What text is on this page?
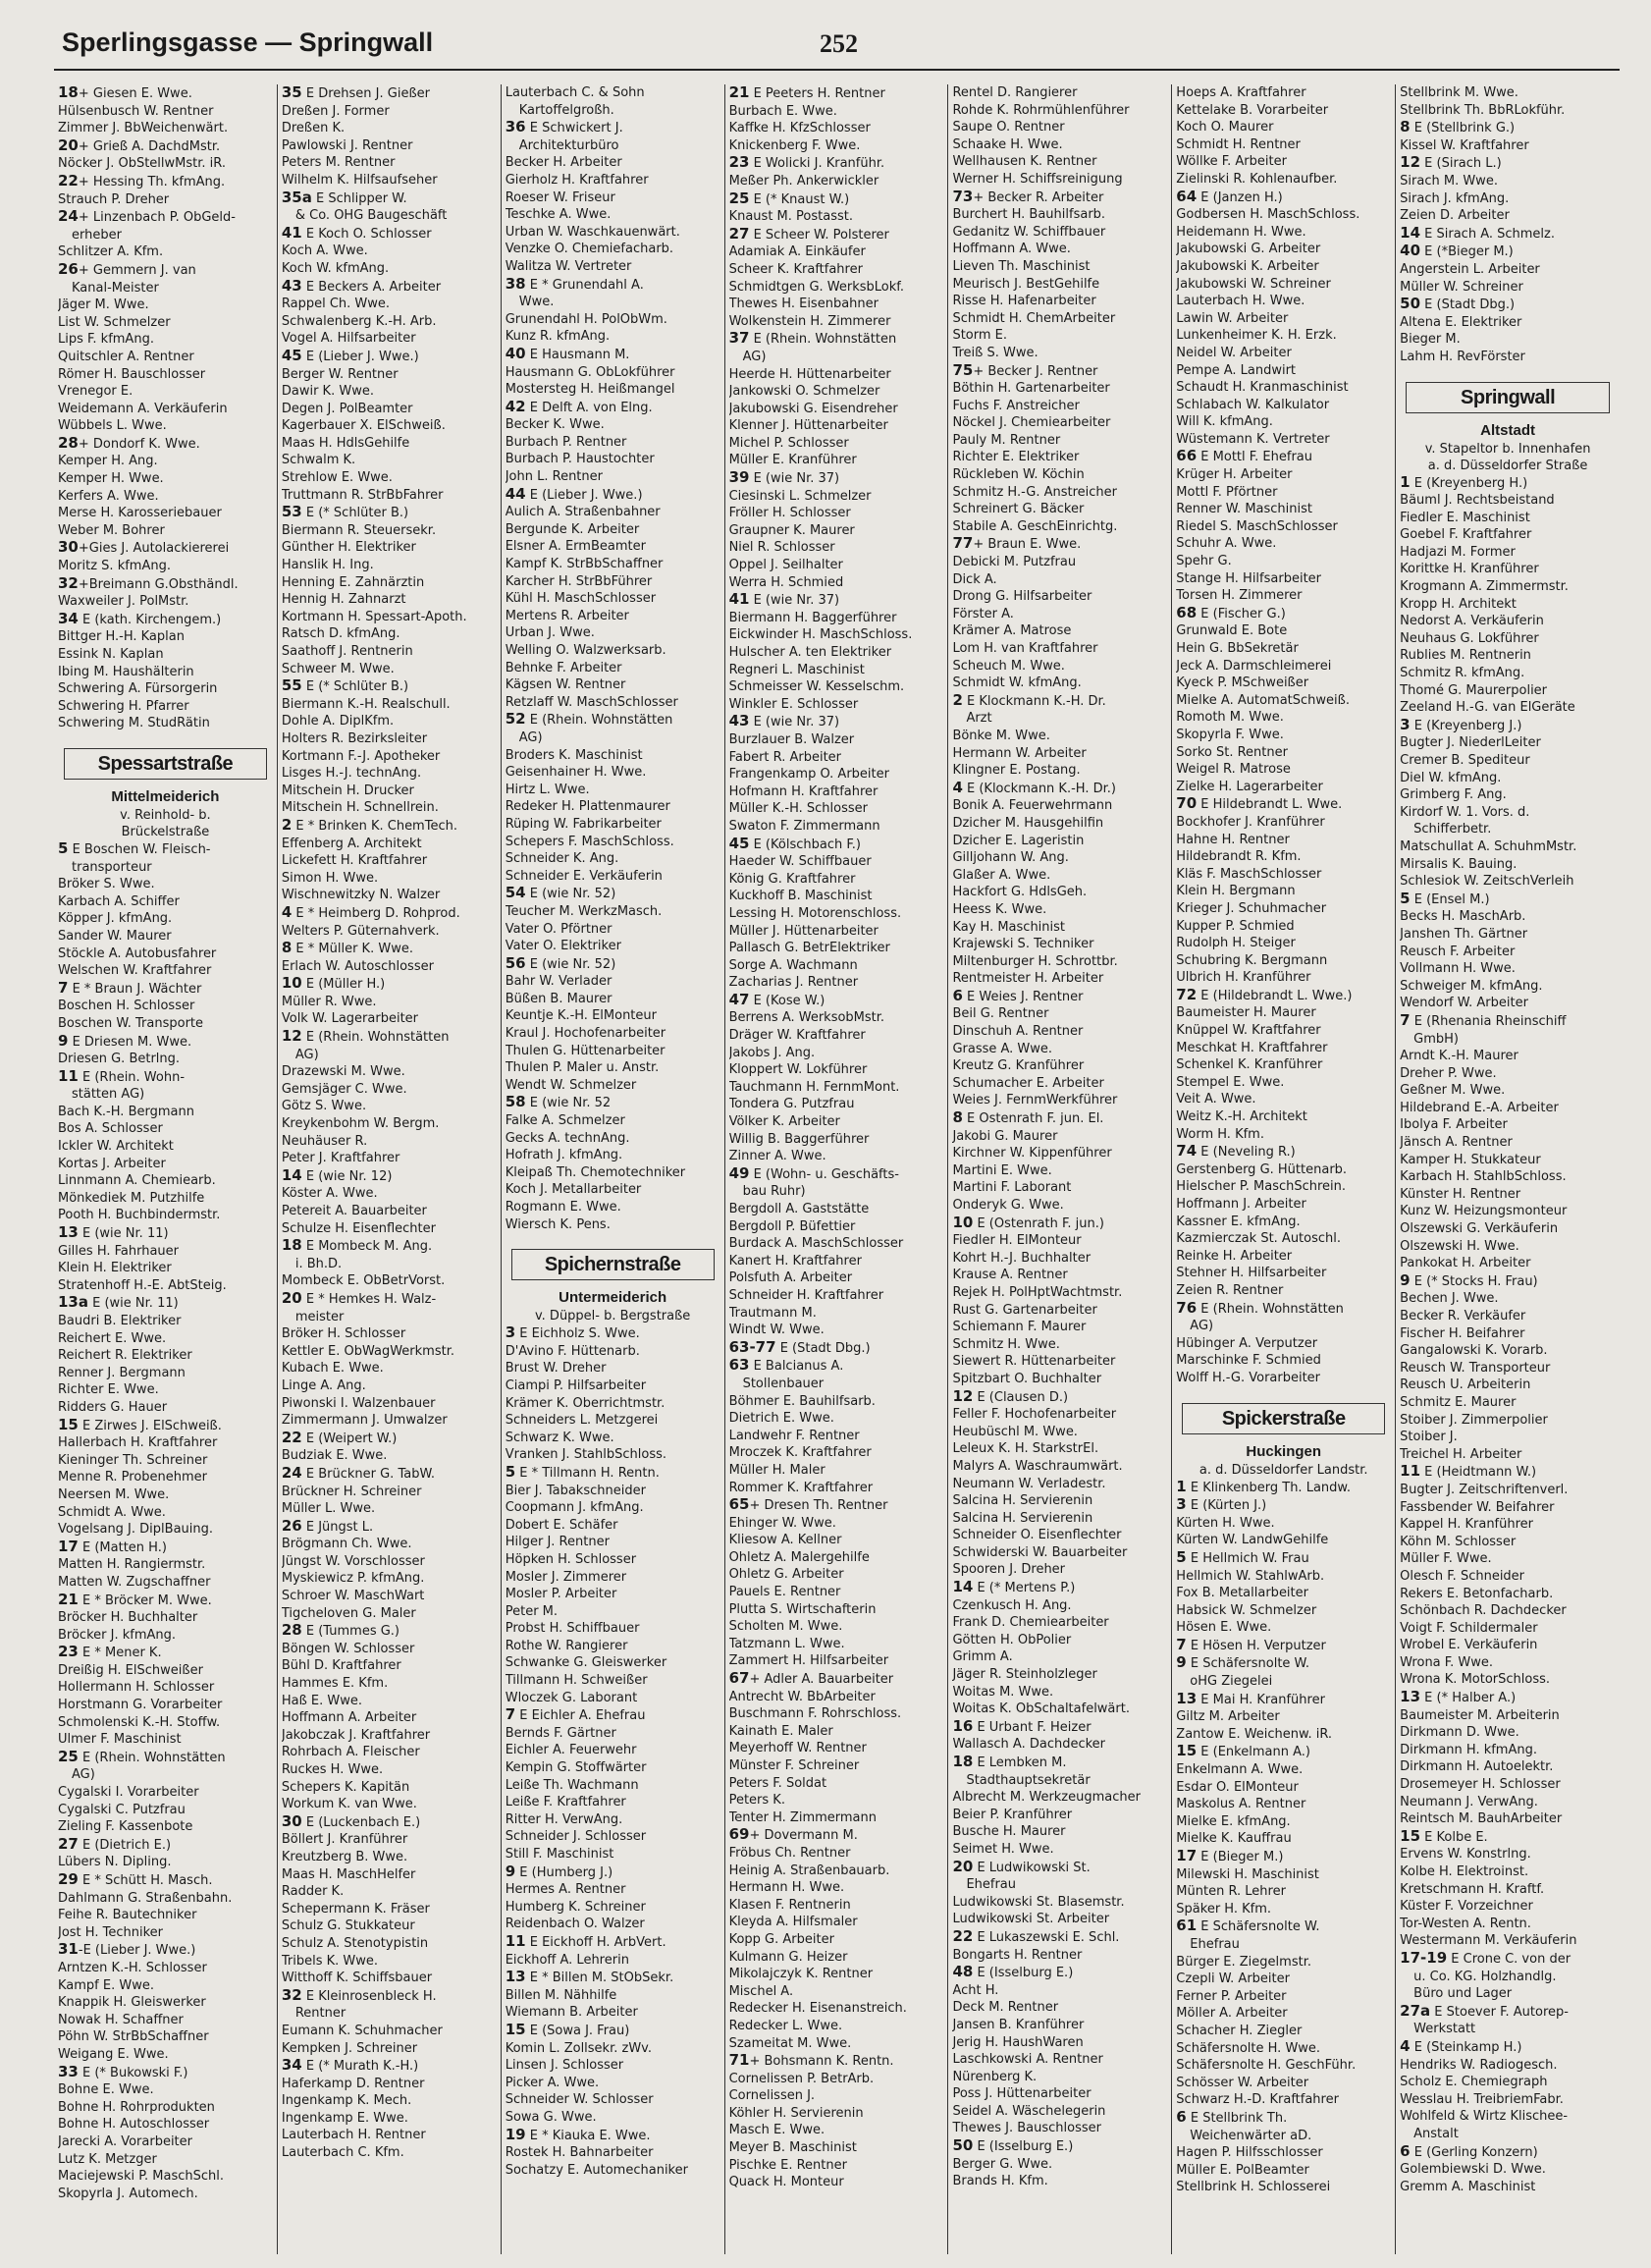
Sperlingsgasse — Springwall	252
18+ Giesen E. Wwe.
Hülsenbusch W. Rentner
Zimmer J. BbWeichenwärt.
20+ Grieß A. DachdMstr.
Nöcker J. ObStellwMstr. iR.
22+ Hessing Th. kfmAng.
Strauch P. Dreher
24+ Linzenbach P. ObGeld-
erheber
Schlitzer A. Kfm.
26+ Gemmern J. van
Kanal-Meister
Jäger M. Wwe.
List W. Schmelzer
Lips F. kfmAng.
Quitschler A. Rentner
Römer H. Bauschlosser
Vrenegor E.
Weidemann A. Verkäuferin
Wübbels L. Wwe.
28+ Dondorf K. Wwe.
Kemper H. Ang.
Kemper H. Wwe.
Kerfers A. Wwe.
Merse H. Karosseriebauer
Weber M. Bohrer
30+Gies J. Autolackiererei
Moritz S. kfmAng.
32+Breimann G.Obsthändl.
Waxweiler J. PolMstr.
34 E (kath. Kirchengem.)
Bittger H.-H. Kaplan
Essink N. Kaplan
Ibing M. Haushälterin
Schwering A. Fürsorgerin
Schwering H. Pfarrer
Schwering M. StudRätin
Spessartstraße
Mittelmeiderich
v. Reinhold- b.
Brückelstraße
5 E Boschen W. Fleisch-
transporteur
Bröker S. Wwe.
Karbach A. Schiffer
Köpper J. kfmAng.
Sander W. Maurer
Stöckle A. Autobusfahrer
Welschen W. Kraftfahrer
7 E * Braun J. Wächter
Boschen H. Schlosser
Boschen W. Transporte
9 E Driesen M. Wwe.
Driesen G. Betrlng.
11 E (Rhein. Wohn-
stätten AG)
Bach K.-H. Bergmann
Bos A. Schlosser
Ickler W. Architekt
Kortas J. Arbeiter
Linnmann A. Chemiearb.
Mönkediek M. Putzhilfe
Pooth H. Buchbindermstr.
13 E (wie Nr. 11)
Gilles H. Fahrhauer
Klein H. Elektriker
Stratenhoff H.-E. AbtSteig.
13a E (wie Nr. 11)
Baudri B. Elektriker
Reichert E. Wwe.
Reichert R. Elektriker
Renner J. Bergmann
Richter E. Wwe.
Ridders G. Hauer
15 E Zirwes J. ElSchweiß.
Hallerbach H. Kraftfahrer
Kieninger Th. Schreiner
Menne R. Probenehmer
Neersen M. Wwe.
Schmidt A. Wwe.
Vogelsang J. DiplBauing.
17 E (Matten H.)
Matten H. Rangiermstr.
Matten W. Zugschaffner
21 E * Bröcker M. Wwe.
Bröcker H. Buchhalter
Bröcker J. kfmAng.
23 E * Mener K.
Dreißig H. ElSchweißer
Hollermann H. Schlosser
Horstmann G. Vorarbeiter
Schmolenski K.-H. Stoffw.
Ulmer F. Maschinist
25 E (Rhein. Wohnstätten
AG)
Cygalski I. Vorarbeiter
Cygalski C. Putzfrau
Zieling F. Kassenbote
27 E (Dietrich E.)
Lübers N. Dipling.
29 E * Schütt H. Masch.
Dahlmann G. Straßenbahn.
Feihe R. Bautechniker
Jost H. Techniker
31-E (Lieber J. Wwe.)
Arntzen K.-H. Schlosser
Kampf E. Wwe.
Knappik H. Gleiswerker
Nowak H. Schaffner
Pöhn W. StrBbSchaffner
Weigang E. Wwe.
33 E (* Bukowski F.)
Bohne E. Wwe.
Bohne H. Rohrprodukten
Bohne H. Autoschlosser
Jarecki A. Vorarbeiter
Lutz K. Metzger
Maciejewski P. MaschSchl.
Skopyrla J. Automech.
35 E Drehsen J. Gießer
Dreßen J. Former
Dreßen K.
Pawlowski J. Rentner
Peters M. Rentner
Wilhelm K. Hilfsaufseher
35a E Schlipper W.
& Co. OHG Baugeschäft
41 E Koch O. Schlosser
Koch A. Wwe.
Koch W. kfmAng.
43 E Beckers A. Arbeiter
Rappel Ch. Wwe.
Schwalenberg K.-H. Arb.
Vogel A. Hilfsarbeiter
45 E (Lieber J. Wwe.)
Berger W. Rentner
Dawir K. Wwe.
Degen J. PolBeamter
Kagerbauer X. ElSchweiß.
Maas H. HdlsGehilfe
Schwalm K.
Strehlow E. Wwe.
Truttmann R. StrBbFahrer
53 E (* Schlüter B.)
Biermann R. Steuersekr.
Günther H. Elektriker
Hanslik H. Ing.
Henning E. Zahnärztin
Hennig H. Zahnarzt
Kortmann H. Spessart-Apoth.
Ratsch D. kfmAng.
Saathoff J. Rentnerin
Schweer M. Wwe.
55 E (* Schlüter B.)
Biermann K.-H. Realschull.
Dohle A. DiplKfm.
Holters R. Bezirksleiter
Kortmann F.-J. Apotheker
Lisges H.-J. technAng.
Mitschein H. Drucker
Mitschein H. Schnellrein.
2 E * Brinken K. ChemTech.
Effenberg A. Architekt
Lickefett H. Kraftfahrer
Simon H. Wwe.
Wischnewitzky N. Walzer
4 E * Heimberg D. Rohprod.
Welters P. Güternahverk.
8 E * Müller K. Wwe.
Erlach W. Autoschlosser
10 E (Müller H.)
Müller R. Wwe.
Volk W. Lagerarbeiter
12 E (Rhein. Wohnstätten
AG)
Drazewski M. Wwe.
Gemsjäger C. Wwe.
Götz S. Wwe.
Kreykenbohm W. Bergm.
Neuhäuser R.
Peter J. Kraftfahrer
14 E (wie Nr. 12)
Köster A. Wwe.
Petereit A. Bauarbeiter
Schulze H. Eisenflechter
18 E Mombeck M. Ang.
i. Bh.D.
Mombeck E. ObBetrVorst.
20 E * Hemkes H. Walz-
meister
Bröker H. Schlosser
Kettler E. ObWagWerkmstr.
Kubach E. Wwe.
Linge A. Ang.
Piwonski I. Walzenbauer
Zimmermann J. Umwalzer
22 E (Weipert W.)
Budziak E. Wwe.
24 E Brückner G. TabW.
Brückner H. Schreiner
Müller L. Wwe.
26 E Jüngst L.
Brögmann Ch. Wwe.
Jüngst W. Vorschlosser
Myskiewicz P. kfmAng.
Schroer W. MaschWart
Tigcheloven G. Maler
28 E (Tummes G.)
Böngen W. Schlosser
Bühl D. Kraftfahrer
Hammes E. Kfm.
Haß E. Wwe.
Hoffmann A. Arbeiter
Jakobczak J. Kraftfahrer
Rohrbach A. Fleischer
Ruckes H. Wwe.
Schepers K. Kapitän
Workum K. van Wwe.
30 E (Luckenbach E.)
Böllert J. Kranführer
Kreutzberg B. Wwe.
Maas H. MaschHelfer
Radder K.
Schepermann K. Fräser
Schulz G. Stukkateur
Schulz A. Stenotypistin
Tribels K. Wwe.
Witthoff K. Schiffsbauer
32 E Kleinrosenbleck H.
Rentner
Eumann K. Schuhmacher
Kempken J. Schreiner
34 E (* Murath K.-H.)
Haferkamp D. Rentner
Ingenkamp K. Mech.
Ingenkamp E. Wwe.
Lauterbach H. Rentner
Lauterbach C. Kfm.
Lauterbach C. & Sohn
Kartoffelgroßh.
36 E Schwickert J.
Architekturbüro
Becker H. Arbeiter
Gierholz H. Kraftfahrer
Roeser W. Friseur
Teschke A. Wwe.
Urban W. Waschkauenwärt.
Venzke O. Chemiefacharb.
Walitza W. Vertreter
38 E * Grunendahl A.
Wwe.
Grunendahl H. PolObWm.
Kunz R. kfmAng.
40 E Hausmann M.
Hausmann G. ObLokführer
Mostersteg H. Heißmangel
42 E Delft A. von Elng.
Becker K. Wwe.
Burbach P. Rentner
Burbach P. Haustochter
John L. Rentner
44 E (Lieber J. Wwe.)
Aulich A. Straßenbahner
Bergunde K. Arbeiter
Elsner A. ErmBeamter
Kampf K. StrBbSchaffner
Karcher H. StrBbFührer
Kühl H. MaschSchlosser
Mertens R. Arbeiter
Urban J. Wwe.
Welling O. Walzwerksarb.
Behnke F. Arbeiter
Kägsen W. Rentner
Retzlaff W. MaschSchlosser
52 E (Rhein. Wohnstätten
AG)
Broders K. Maschinist
Geisenhainer H. Wwe.
Hirtz L. Wwe.
Redeker H. Plattenmaurer
Rüping W. Fabrikarbeiter
Schepers F. MaschSchloss.
Schneider K. Ang.
Schneider E. Verkäuferin
54 E (wie Nr. 52)
Teucher M. WerkzMasch.
Vater O. Pförtner
Vater O. Elektriker
56 E (wie Nr. 52)
Bahr W. Verlader
Büßen B. Maurer
Keuntje K.-H. ElMonteur
Kraul J. Hochofenarbeiter
Thulen G. Hüttenarbeiter
Thulen P. Maler u. Anstr.
Wendt W. Schmelzer
58 E (wie Nr. 52
Falke A. Schmelzer
Gecks A. technAng.
Hofrath J. kfmAng.
Kleipaß Th. Chemotechniker
Koch J. Metallarbeiter
Rogmann E. Wwe.
Wiersch K. Pens.
Spichernstraße
Untermeiderich
v. Düppel- b. Bergstraße
3 E Eichholz S. Wwe.
D'Avino F. Hüttenarb.
Brust W. Dreher
Ciampi P. Hilfsarbeiter
Krämer K. Oberrichtmstr.
Schneiders L. Metzgerei
Schwarz K. Wwe.
Vranken J. StahlbSchloss.
5 E * Tillmann H. Rentn.
Bier J. Tabakschneider
Coopmann J. kfmAng.
Dobert E. Schäfer
Hilger J. Rentner
Höpken H. Schlosser
Mosler J. Zimmerer
Mosler P. Arbeiter
Peter M.
Probst H. Schiffbauer
Rothe W. Rangierer
Schwanke G. Gleiswerker
Tillmann H. Schweißer
Wloczek G. Laborant
7 E Eichler A. Ehefrau
Bernds F. Gärtner
Eichler A. Feuerwehr
Kempin G. Stoffwärter
Leiße Th. Wachmann
Leiße F. Kraftfahrer
Ritter H. VerwAng.
Schneider J. Schlosser
Still F. Maschinist
9 E (Humberg J.)
Hermes A. Rentner
Humberg K. Schreiner
Reidenbach O. Walzer
11 E Eickhoff H. ArbVert.
Eickhoff A. Lehrerin
13 E * Billen M. StObSekr.
Billen M. Nähhilfe
Wiemann B. Arbeiter
15 E (Sowa J. Frau)
Komin L. Zollsekr. zWv.
Linsen J. Schlosser
Picker A. Wwe.
Schneider W. Schlosser
Sowa G. Wwe.
19 E * Kiauka E. Wwe.
Rostek H. Bahnarbeiter
Sochatzy E. Automechaniker
21 E Peeters H. Rentner
Burbach E. Wwe.
Kaffke H. KfzSchlosser
Knickenberg F. Wwe.
23 E Wolicki J. Kranführ.
Meßer Ph. Ankerwickler
25 E (* Knaust W.)
Knaust M. Postasst.
27 E Scheer W. Polsterer
Adamiak A. Einkäufer
Scheer K. Kraftfahrer
Schmidtgen G. WerksbLokf.
Thewes H. Eisenbahner
Wolkenstein H. Zimmerer
37 E (Rhein. Wohnstätten
AG)
Heerde H. Hüttenarbeiter
Jankowski O. Schmelzer
Jakubowski G. Eisendreher
Klenner J. Hüttenarbeiter
Michel P. Schlosser
Müller E. Kranführer
39 E (wie Nr. 37)
Ciesinski L. Schmelzer
Fröller H. Schlosser
Graupner K. Maurer
Niel R. Schlosser
Oppel J. Seilhalter
Werra H. Schmied
41 E (wie Nr. 37)
Biermann H. Baggerführer
Eickwinder H. MaschSchloss.
Hulscher A. ten Elektriker
Regneri L. Maschinist
Schmeisser W. Kesselschm.
Winkler E. Schlosser
43 E (wie Nr. 37)
Burzlauer B. Walzer
Fabert R. Arbeiter
Frangenkamp O. Arbeiter
Hofmann H. Kraftfahrer
Müller K.-H. Schlosser
Swaton F. Zimmermann
45 E (Kölschbach F.)
Haeder W. Schiffbauer
König G. Kraftfahrer
Kuckhoff B. Maschinist
Lessing H. Motorenschloss.
Müller J. Hüttenarbeiter
Pallasch G. BetrElektriker
Sorge A. Wachmann
Zacharias J. Rentner
47 E (Kose W.)
Berrens A. WerksobMstr.
Dräger W. Kraftfahrer
Jakobs J. Ang.
Kloppert W. Lokführer
Tauchmann H. FernmMont.
Tondera G. Putzfrau
Völker K. Arbeiter
Willig B. Baggerführer
Zinner A. Wwe.
49 E (Wohn- u. Geschäfts-
bau Ruhr)
Bergdoll A. Gaststätte
Bergdoll P. Büfettier
Burdack A. MaschSchlosser
Kanert H. Kraftfahrer
Polsfuth A. Arbeiter
Schneider H. Kraftfahrer
Trautmann M.
Windt W. Wwe.
63-77 E (Stadt Dbg.)
63 E Balcianus A.
Stollenbauer
Böhmer E. Bauhilfsarb.
Dietrich E. Wwe.
Landwehr F. Rentner
Mroczek K. Kraftfahrer
Müller H. Maler
Rommer K. Kraftfahrer
65+ Dresen Th. Rentner
Ehinger W. Wwe.
Kliesow A. Kellner
Ohletz A. Malergehilfe
Ohletz G. Arbeiter
Pauels E. Rentner
Plutta S. Wirtschafterin
Scholten M. Wwe.
Tatzmann L. Wwe.
Zammert H. Hilfsarbeiter
67+ Adler A. Bauarbeiter
Antrecht W. BbArbeiter
Buschmann F. Rohrschloss.
Kainath E. Maler
Meyerhoff W. Rentner
Münster F. Schreiner
Peters F. Soldat
Peters K.
Tenter H. Zimmermann
69+ Dovermann M.
Fröbus Ch. Rentner
Heinig A. Straßenbauarb.
Hermann H. Wwe.
Klasen F. Rentnerin
Kleyda A. Hilfsmaler
Kopp G. Arbeiter
Kulmann G. Heizer
Mikolajczyk K. Rentner
Mischel A.
Redecker H. Eisenanstreich.
Redecker L. Wwe.
Szameitat M. Wwe.
71+ Bohsmann K. Rentn.
Cornelissen P. BetrArb.
Cornelissen J.
Köhler H. Servierenin
Masch E. Wwe.
Meyer B. Maschinist
Pischke E. Rentner
Quack H. Monteur
Rentel D. Rangierer
Rohde K. Rohrmühlenführer
Saupe O. Rentner
Schaake H. Wwe.
Wellhausen K. Rentner
Werner H. Schiffsreinigung
73+ Becker R. Arbeiter
Burchert H. Bauhilfsarb.
Gedanitz W. Schiffbauer
Hoffmann A. Wwe.
Lieven Th. Maschinist
Meurisch J. BestGehilfe
Risse H. Hafenarbeiter
Schmidt H. ChemArbeiter
Storm E.
Treiß S. Wwe.
75+ Becker J. Rentner
Böthin H. Gartenarbeiter
Fuchs F. Anstreicher
Nöckel J. Chemiearbeiter
Pauly M. Rentner
Richter E. Elektriker
Rückleben W. Köchin
Schmitz H.-G. Anstreicher
Schreinert G. Bäcker
Stabile A. GeschEinrichtg.
77+ Braun E. Wwe.
Debicki M. Putzfrau
Dick A.
Drong G. Hilfsarbeiter
Förster A.
Krämer A. Matrose
Lom H. van Kraftfahrer
Scheuch M. Wwe.
Schmidt W. kfmAng.
2 E Klockmann K.-H. Dr.
Arzt
Bönke M. Wwe.
Hermann W. Arbeiter
Klingner E. Postang.
4 E (Klockmann K.-H. Dr.)
Bonik A. Feuerwehrmann
Dzicher M. Hausgehilfin
Dzicher E. Lageristin
Gilljohann W. Ang.
Glaßer A. Wwe.
Hackfort G. HdlsGeh.
Heess K. Wwe.
Kay H. Maschinist
Krajewski S. Techniker
Miltenburger H. Schrottbr.
Rentmeister H. Arbeiter
6 E Weies J. Rentner
Beil G. Rentner
Dinschuh A. Rentner
Grasse A. Wwe.
Kreutz G. Kranführer
Schumacher E. Arbeiter
Weies J. FernmWerkführer
8 E Ostenrath F. jun. El.
Jakobi G. Maurer
Kirchner W. Kippenführer
Martini E. Wwe.
Martini F. Laborant
Onderyk G. Wwe.
10 E (Ostenrath F. jun.)
Fiedler H. ElMonteur
Kohrt H.-J. Buchhalter
Krause A. Rentner
Rejek H. PolHptWachtmstr.
Rust G. Gartenarbeiter
Schiemann F. Maurer
Schmitz H. Wwe.
Siewert R. Hüttenarbeiter
Spitzbart O. Buchhalter
12 E (Clausen D.)
Feller F. Hochofenarbeiter
Heubüschl M. Wwe.
Leleux K. H. StarkstrEl.
Malyrs A. Waschraumwärt.
Neumann W. Verladestr.
Salcina H. Servierenin
Salcina H. Servierenin
Schneider O. Eisenflechter
Schwiderski W. Bauarbeiter
Spooren J. Dreher
14 E (* Mertens P.)
Czenkusch H. Ang.
Frank D. Chemiearbeiter
Götten H. ObPolier
Grimm A.
Jäger R. Steinholzleger
Woitas M. Wwe.
Woitas K. ObSchaltafelwärt.
16 E Urbant F. Heizer
Wallasch A. Dachdecker
18 E Lembken M.
Stadthauptsekretär
Albrecht M. Werkzeugmacher
Beier P. Kranführer
Busche H. Maurer
Seimet H. Wwe.
20 E Ludwikowski St.
Ehefrau
Ludwikowski St. Blasemstr.
Ludwikowski St. Arbeiter
22 E Lukaszewski E. Schl.
Bongarts H. Rentner
48 E (Isselburg E.)
Acht H.
Deck M. Rentner
Jansen B. Kranführer
Jerig H. HaushWaren
Laschkowski A. Rentner
Nürenberg K.
Poss J. Hüttenarbeiter
Seidel A. Wäschelegerin
Thewes J. Bauschlosser
50 E (Isselburg E.)
Berger G. Wwe.
Brands H. Kfm.
Hoeps A. Kraftfahrer
Kettelake B. Vorarbeiter
Koch O. Maurer
Schmidt H. Rentner
Wöllke F. Arbeiter
Zielinski R. Kohlenaufber.
64 E (Janzen H.)
Godbersen H. MaschSchloss.
Heidemann H. Wwe.
Jakubowski G. Arbeiter
Jakubowski K. Arbeiter
Jakubowski W. Schreiner
Lauterbach H. Wwe.
Lawin W. Arbeiter
Lunkenheimer K. H. Erzk.
Neidel W. Arbeiter
Pempe A. Landwirt
Schaudt H. Kranmaschinist
Schlabach W. Kalkulator
Will K. kfmAng.
Wüstemann K. Vertreter
66 E Mottl F. Ehefrau
Krüger H. Arbeiter
Mottl F. Pförtner
Renner W. Maschinist
Riedel S. MaschSchlosser
Schuhr A. Wwe.
Spehr G.
Stange H. Hilfsarbeiter
Torsen H. Zimmerer
68 E (Fischer G.)
Grunwald E. Bote
Hein G. BbSekretär
Jeck A. Darmschleimerei
Kyeck P. MSchweißer
Mielke A. AutomatSchweiß.
Romoth M. Wwe.
Skopyrla F. Wwe.
Sorko St. Rentner
Weigel R. Matrose
Zielke H. Lagerarbeiter
70 E Hildebrandt L. Wwe.
Bockhofer J. Kranführer
Hahne H. Rentner
Hildebrandt R. Kfm.
Kläs F. MaschSchlosser
Klein H. Bergmann
Krieger J. Schuhmacher
Kupper P. Schmied
Rudolph H. Steiger
Schubring K. Bergmann
Ulbrich H. Kranführer
72 E (Hildebrandt L. Wwe.)
Baumeister H. Maurer
Knüppel W. Kraftfahrer
Meschkat H. Kraftfahrer
Schenkel K. Kranführer
Stempel E. Wwe.
Veit A. Wwe.
Weitz K.-H. Architekt
Worm H. Kfm.
74 E (Neveling R.)
Gerstenberg G. Hüttenarb.
Hielscher P. MaschSchrein.
Hoffmann J. Arbeiter
Kassner E. kfmAng.
Kazmierczak St. Autoschl.
Reinke H. Arbeiter
Stehner H. Hilfsarbeiter
Zeien R. Rentner
76 E (Rhein. Wohnstätten
AG)
Hübinger A. Verputzer
Marschinke F. Schmied
Wolff H.-G. Vorarbeiter
Spickerstraße
Huckingen
a. d. Düsseldorfer Landstr.
1 E Klinkenberg Th. Landw.
3 E (Kürten J.)
Kürten H. Wwe.
Kürten W. LandwGehilfe
5 E Hellmich W. Frau
Hellmich W. StahlwArb.
Fox B. Metallarbeiter
Habsick W. Schmelzer
Hösen E. Wwe.
7 E Hösen H. Verputzer
9 E Schäfersnolte W.
oHG Ziegelei
13 E Mai H. Kranführer
Giltz M. Arbeiter
Zantow E. Weichenw. iR.
15 E (Enkelmann A.)
Enkelmann A. Wwe.
Esdar O. ElMonteur
Maskolus A. Rentner
Mielke E. kfmAng.
Mielke K. Kauffrau
17 E (Bieger M.)
Milewski H. Maschinist
Münten R. Lehrer
Späker H. Kfm.
61 E Schäfersnolte W.
Ehefrau
Bürger E. Ziegelmstr.
Czepli W. Arbeiter
Ferner P. Arbeiter
Möller A. Arbeiter
Schacher H. Ziegler
Schäfersnolte H. Wwe.
Schäfersnolte H. GeschFühr.
Schösser W. Arbeiter
Schwarz H.-D. Kraftfahrer
6 E Stellbrink Th.
Weichenwärter aD.
Hagen P. Hilfsschlosser
Müller E. PolBeamter
Stellbrink H. Schlosserei
Stellbrink M. Wwe.
Stellbrink Th. BbRLokführ.
8 E (Stellbrink G.)
Kissel W. Kraftfahrer
12 E (Sirach L.)
Sirach M. Wwe.
Sirach J. kfmAng.
Zeien D. Arbeiter
14 E Sirach A. Schmelz.
40 E (*Bieger M.)
Angerstein L. Arbeiter
Müller W. Schreiner
50 E (Stadt Dbg.)
Altena E. Elektriker
Bieger M.
Lahm H. RevFörster
Springwall
Altstadt
v. Stapeltor b. Innenhafen
a. d. Düsseldorfer Straße
1 E (Kreyenberg H.)
Bäuml J. Rechtsbeistand
Fiedler E. Maschinist
Goebel F. Kraftfahrer
Hadjazi M. Former
Korittke H. Kranführer
Krogmann A. Zimmermstr.
Kropp H. Architekt
Nedorst A. Verkäuferin
Neuhaus G. Lokführer
Rublies M. Rentnerin
Schmitz R. kfmAng.
Thomé G. Maurerpolier
Zeeland H.-G. van ElGeräte
3 E (Kreyenberg J.)
Bugter J. NiederlLeiter
Cremer B. Spediteur
Diel W. kfmAng.
Grimberg F. Ang.
Kirdorf W. 1. Vors. d.
Schifferbetr.
Matschullat A. SchuhmMstr.
Mirsalis K. Bauing.
Schlesiok W. ZeitschVerleih
5 E (Ensel M.)
Becks H. MaschArb.
Janshen Th. Gärtner
Reusch F. Arbeiter
Vollmann H. Wwe.
Schweiger M. kfmAng.
Wendorf W. Arbeiter
7 E (Rhenania Rheinschiff
GmbH)
Arndt K.-H. Maurer
Dreher P. Wwe.
Geßner M. Wwe.
Hildebrand E.-A. Arbeiter
Ibolya F. Arbeiter
Jänsch A. Rentner
Kamper H. Stukkateur
Karbach H. StahlbSchloss.
Künster H. Rentner
Kunz W. Heizungsmonteur
Olszewski G. Verkäuferin
Olszewski H. Wwe.
Pankokat H. Arbeiter
9 E (* Stocks H. Frau)
Bechen J. Wwe.
Becker R. Verkäufer
Fischer H. Beifahrer
Gangalowski K. Vorarb.
Reusch W. Transporteur
Reusch U. Arbeiterin
Schmitz E. Maurer
Stoiber J. Zimmerpolier
Stoiber J.
Treichel H. Arbeiter
11 E (Heidtmann W.)
Bugter J. Zeitschriftenverl.
Fassbender W. Beifahrer
Kappel H. Kranführer
Köhn M. Schlosser
Müller F. Wwe.
Olesch F. Schneider
Rekers E. Betonfacharb.
Schönbach R. Dachdecker
Voigt F. Schildermaler
Wrobel E. Verkäuferin
Wrona F. Wwe.
Wrona K. MotorSchloss.
13 E (* Halber A.)
Baumeister M. Arbeiterin
Dirkmann D. Wwe.
Dirkmann H. kfmAng.
Dirkmann H. Autoelektr.
Drosemeyer H. Schlosser
Neumann J. VerwAng.
Reintsch M. BauhArbeiter
15 E Kolbe E.
Ervens W. Konstrlng.
Kolbe H. Elektroinst.
Kretschmann H. Kraftf.
Küster F. Vorzeichner
Tor-Westen A. Rentn.
Westermann M. Verkäuferin
17-19 E Crone C. von der
u. Co. KG. Holzhandlg.
Büro und Lager
27a E Stoever F. Autorep-
Werkstatt
4 E (Steinkamp H.)
Hendriks W. Radiogesch.
Scholz E. Chemiegraph
Wesslau H. TreibriemFabr.
Wohlfeld & Wirtz Klischee-
Anstalt
6 E (Gerling Konzern)
Golembiewski D. Wwe.
Gremm A. Maschinist
